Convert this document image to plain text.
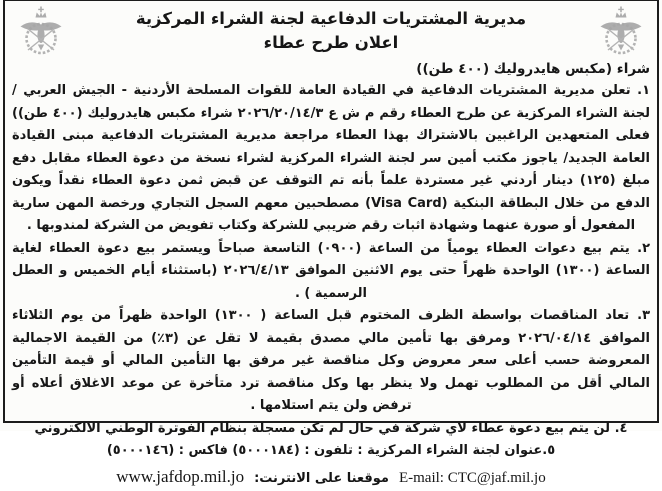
مديرية المشتريات الدفاعية لجنة الشراء المركزية
اعلان طرح عطاء
شراء (مكبس هايدروليك (٤٠٠ طن))

١. تعلن مديرية المشتريات الدفاعية في القيادة العامة للقوات المسلحة الأردنية - الجيش العربي / لجنة الشراء المركزية عن طرح العطاء رقم م ش ع ٢٠٢٦/٢٠/١٤/٣ شراء مكبس هايدروليك (٤٠٠ طن)) فعلى المتعهدين الراغبين بالاشتراك بهذا العطاء مراجعة مديرية المشتريات الدفاعية مبنى القيادة العامة الجديد/ ياجوز مكتب أمين سر لجنة الشراء المركزية لشراء نسخة من دعوة العطاء مقابل دفع مبلغ (١٢٥) دينار أردني غير مستردة علماً بأنه تم التوقف عن قبض ثمن دعوة العطاء نقداً ويكون الدفع من خلال البطاقة البنكية (Visa Card) مصطحبين معهم السجل التجاري ورخصة المهن سارية المفعول أو صورة عنهما وشهادة اثبات رقم ضريبي للشركة وكتاب تفويض من الشركة لمندوبها .

٢. يتم بيع دعوات العطاء يومياً من الساعة (٠٩٠٠) التاسعة صباحاً ويستمر بيع دعوة العطاء لغاية الساعة (١٣٠٠) الواحدة ظهراً حتى يوم الاثنين الموافق ٢٠٢٦/٤/١٣ (باستثناء أيام الخميس و العطل الرسمية ) .

٣. تعاد المناقصات بواسطة الظرف المختوم قبل الساعة ( ١٣٠٠) الواحدة ظهراً من يوم الثلاثاء الموافق ٢٠٢٦/٠٤/١٤ ومرفق بها تأمين مالي مصدق بقيمة لا تقل عن (٣٪) من القيمة الاجمالية المعروضة حسب أعلى سعر معروض وكل مناقصة غير مرفق بها التأمين المالي أو قيمة التأمين المالي أقل من المطلوب تهمل ولا ينظر بها وكل مناقصة ترد متأخرة عن موعد الاغلاق أعلاه أو ترفض ولن يتم استلامها .

٤. لن يتم بيع دعوة عطاء لاي شركة في حال لم تكن مسجلة بنظام الفوترة الوطني الالكتروني

٥.عنوان لجنة الشراء المركزية : تلفون : (٥٠٠٠١٨٤) فاكس : (٥٠٠٠١٤٦)

E-mail: CTC@jaf.mil.jo
موقعنا على الانترنت:
www.jafdop.mil.jo
